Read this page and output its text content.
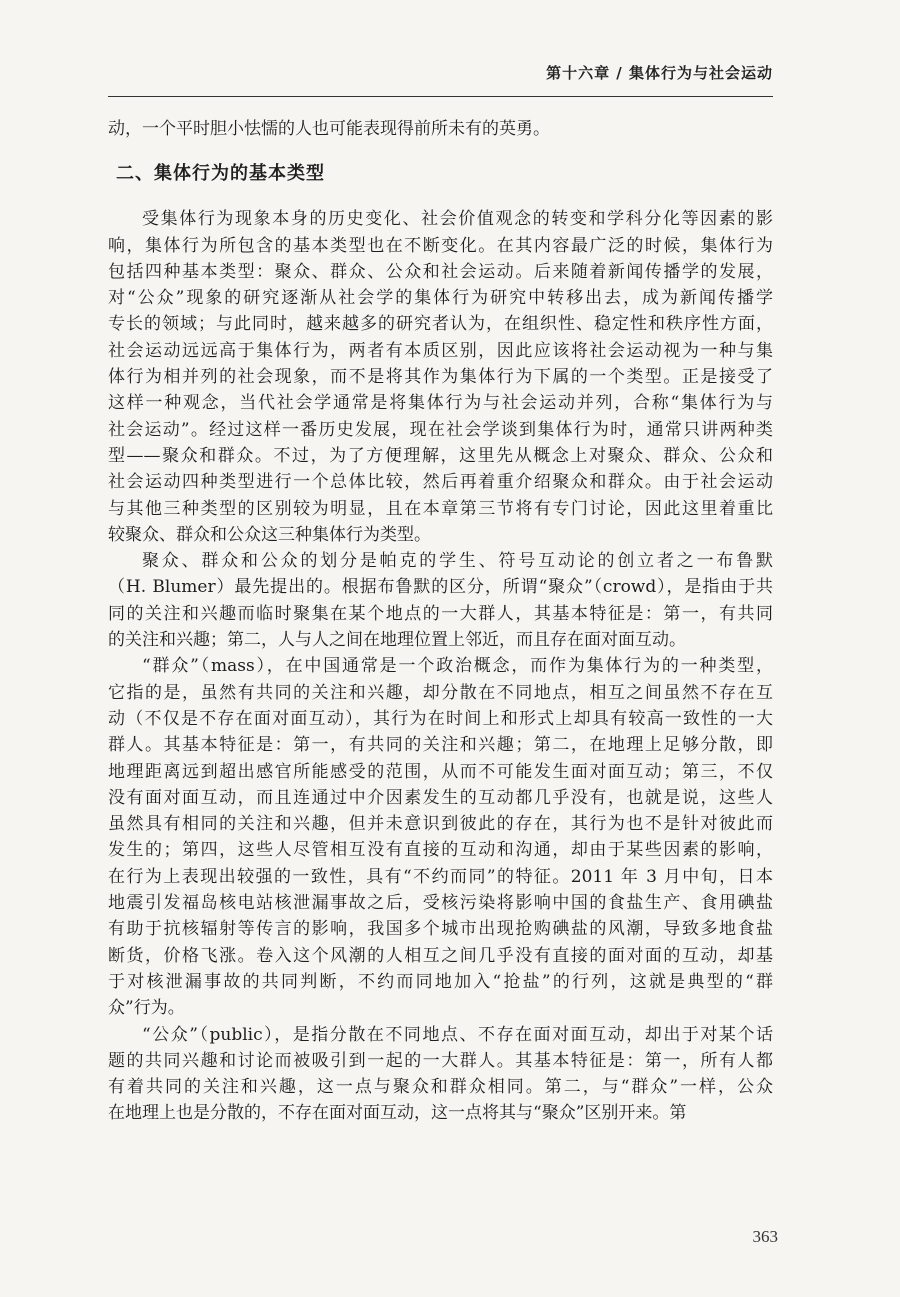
第十六章 / 集体行为与社会运动
动，一个平时胆小怯懦的人也可能表现得前所未有的英勇。
二、集体行为的基本类型
受集体行为现象本身的历史变化、社会价值观念的转变和学科分化等因素的影
响，集体行为所包含的基本类型也在不断变化。在其内容最广泛的时候，集体行为
包括四种基本类型：聚众、群众、公众和社会运动。后来随着新闻传播学的发展，
对“公众”现象的研究逐渐从社会学的集体行为研究中转移出去，成为新闻传播学
专长的领域；与此同时，越来越多的研究者认为，在组织性、稳定性和秩序性方面，
社会运动远远高于集体行为，两者有本质区别，因此应该将社会运动视为一种与集
体行为相并列的社会现象，而不是将其作为集体行为下属的一个类型。正是接受了
这样一种观念，当代社会学通常是将集体行为与社会运动并列，合称“集体行为与
社会运动”。经过这样一番历史发展，现在社会学谈到集体行为时，通常只讲两种类
型——聚众和群众。不过，为了方便理解，这里先从概念上对聚众、群众、公众和
社会运动四种类型进行一个总体比较，然后再着重介绍聚众和群众。由于社会运动
与其他三种类型的区别较为明显，且在本章第三节将有专门讨论，因此这里着重比
较聚众、群众和公众这三种集体行为类型。
聚众、群众和公众的划分是帕克的学生、符号互动论的创立者之一布鲁默
（H. Blumer）最先提出的。根据布鲁默的区分，所谓“聚众”（crowd），是指由于共
同的关注和兴趣而临时聚集在某个地点的一大群人，其基本特征是：第一，有共同
的关注和兴趣；第二，人与人之间在地理位置上邻近，而且存在面对面互动。
“群众”（mass），在中国通常是一个政治概念，而作为集体行为的一种类型，
它指的是，虽然有共同的关注和兴趣，却分散在不同地点，相互之间虽然不存在互
动（不仅是不存在面对面互动），其行为在时间上和形式上却具有较高一致性的一大
群人。其基本特征是：第一，有共同的关注和兴趣；第二，在地理上足够分散，即
地理距离远到超出感官所能感受的范围，从而不可能发生面对面互动；第三，不仅
没有面对面互动，而且连通过中介因素发生的互动都几乎没有，也就是说，这些人
虽然具有相同的关注和兴趣，但并未意识到彼此的存在，其行为也不是针对彼此而
发生的；第四，这些人尽管相互没有直接的互动和沟通，却由于某些因素的影响，
在行为上表现出较强的一致性，具有“不约而同”的特征。2011 年 3 月中旬，日本
地震引发福岛核电站核泄漏事故之后，受核污染将影响中国的食盐生产、食用碘盐
有助于抗核辐射等传言的影响，我国多个城市出现抢购碘盐的风潮，导致多地食盐
断货，价格飞涨。卷入这个风潮的人相互之间几乎没有直接的面对面的互动，却基
于对核泄漏事故的共同判断，不约而同地加入“抢盐”的行列，这就是典型的“群
众”行为。
“公众”（public），是指分散在不同地点、不存在面对面互动，却出于对某个话
题的共同兴趣和讨论而被吸引到一起的一大群人。其基本特征是：第一，所有人都
有着共同的关注和兴趣，这一点与聚众和群众相同。第二，与“群众”一样，公众
在地理上也是分散的，不存在面对面互动，这一点将其与“聚众”区别开来。第
363
